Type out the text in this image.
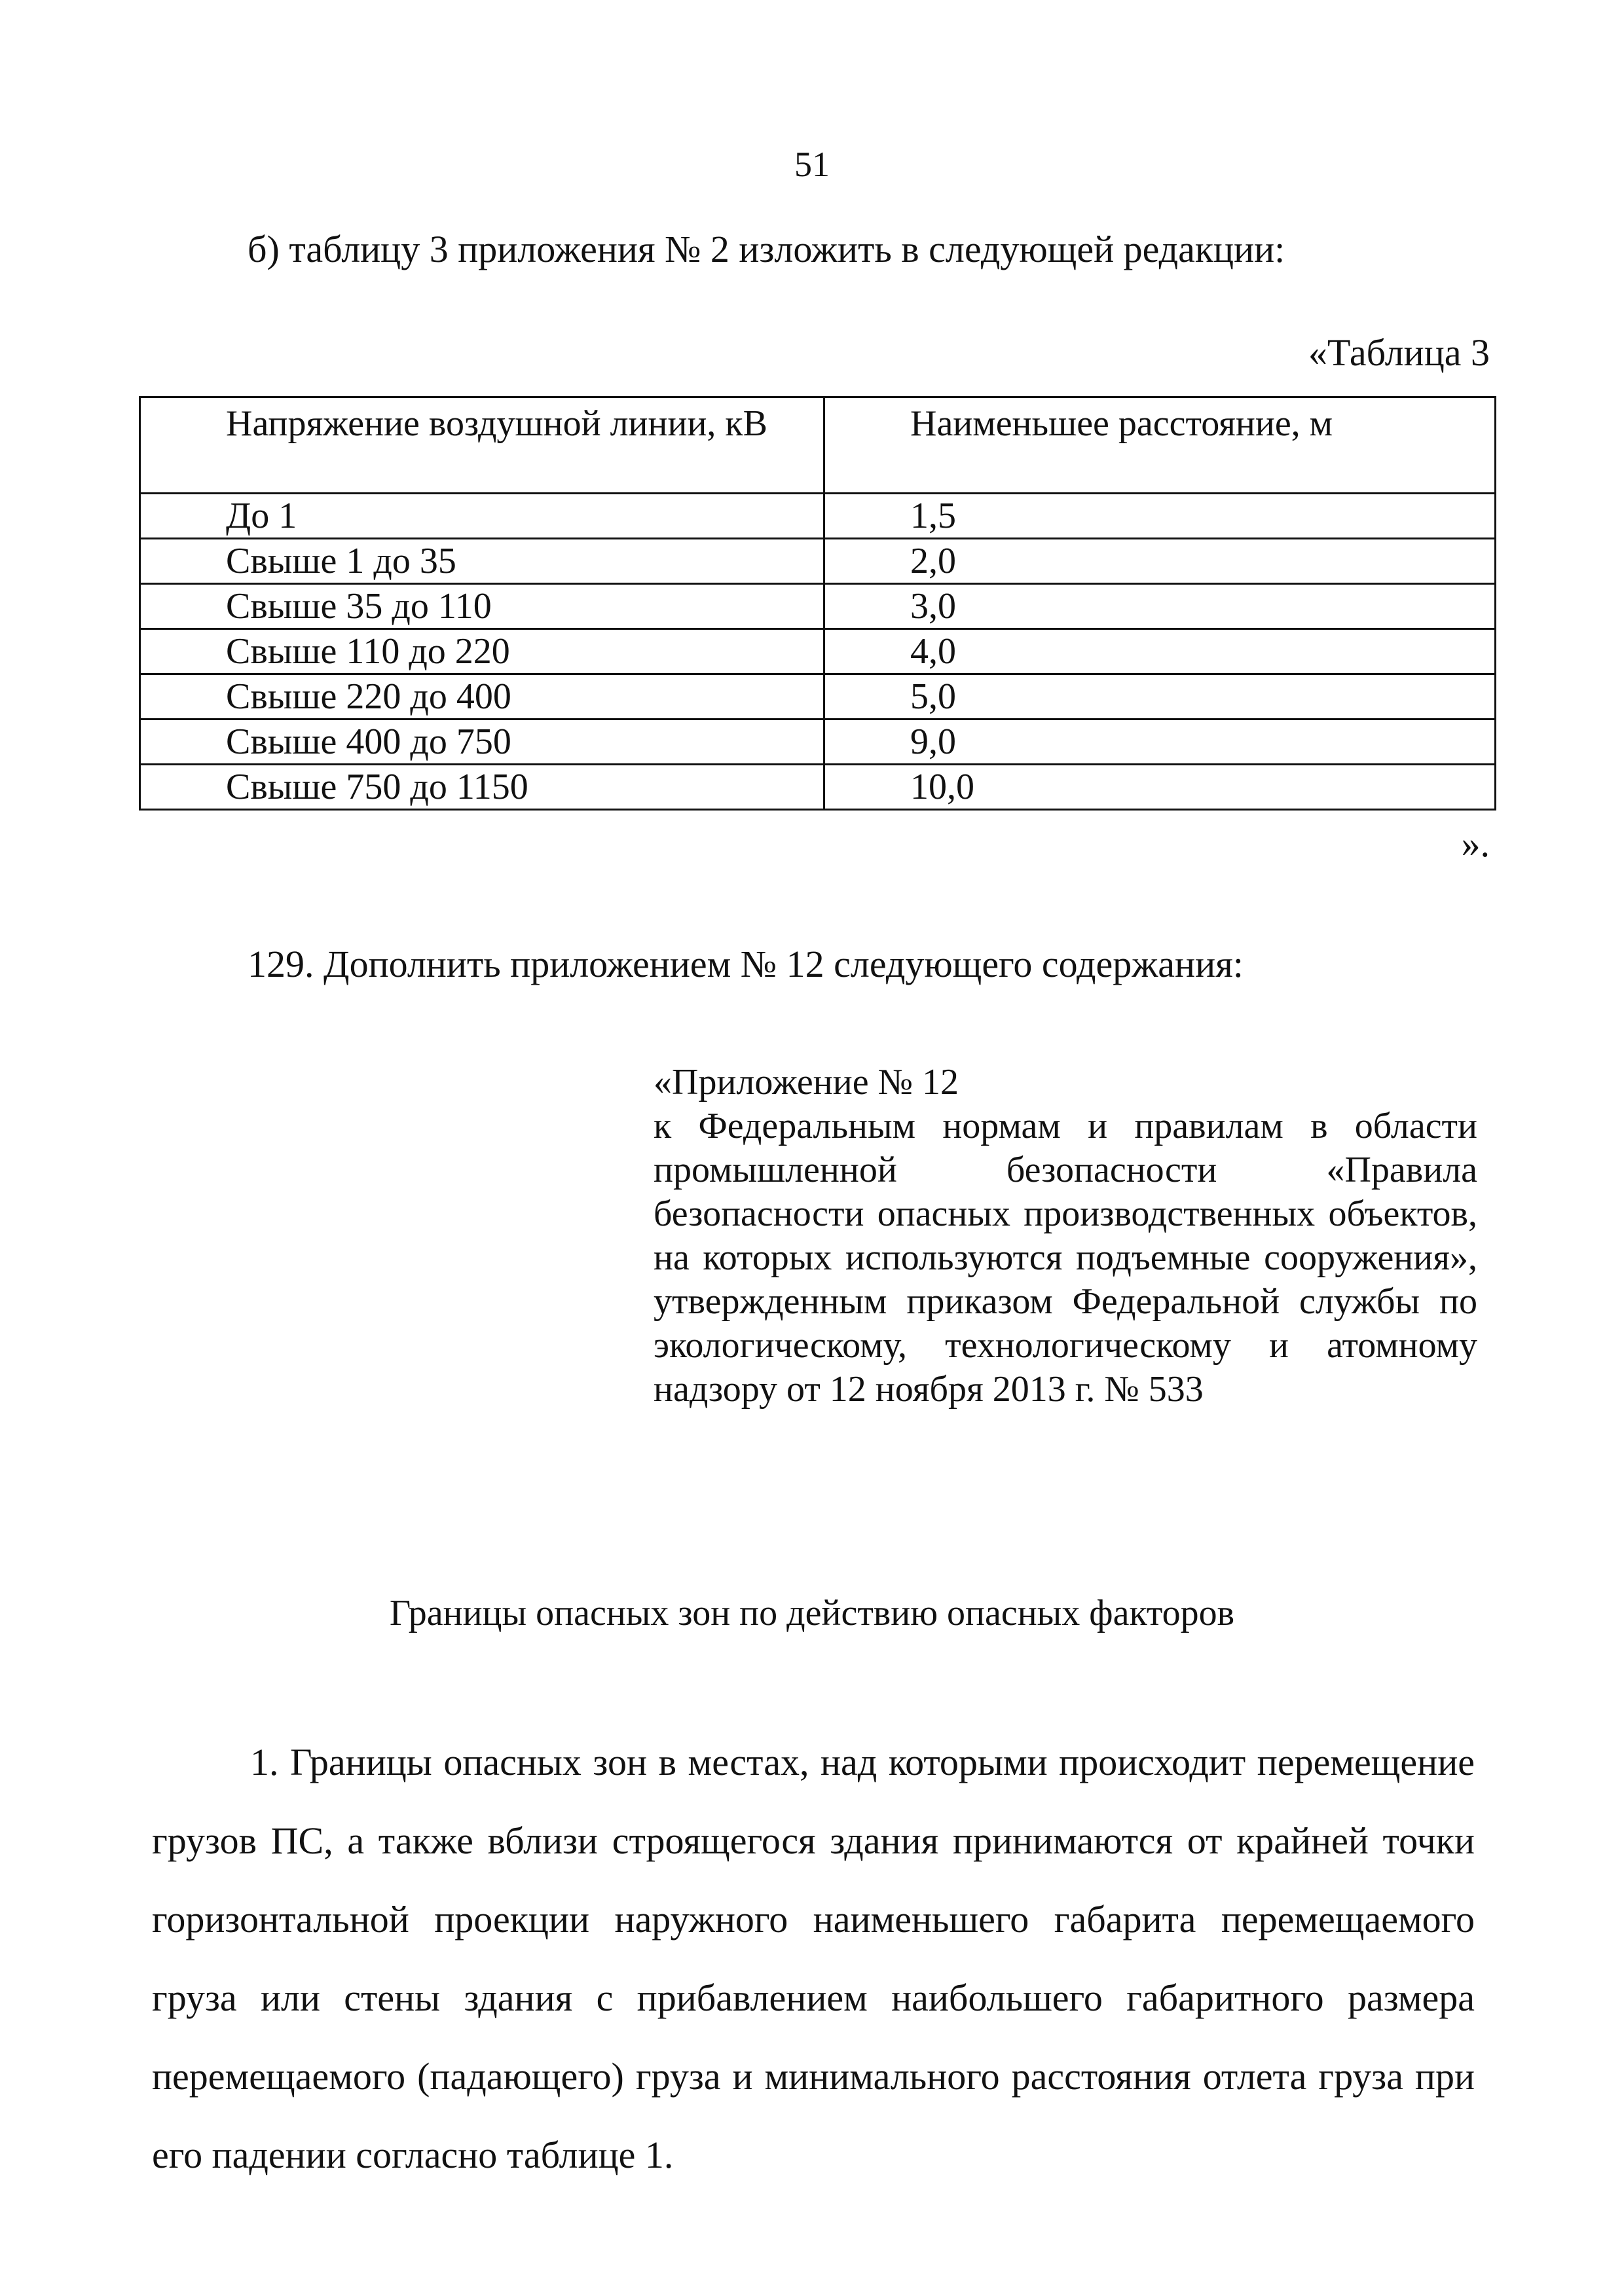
51
б) таблицу 3 приложения № 2 изложить в следующей редакции:
«Таблица 3
Напряжение воздушной линии, кВ	Наименьшее расстояние, м
До 1	1,5
Свыше 1 до 35	2,0
Свыше 35 до 110	3,0
Свыше 110 до 220	4,0
Свыше 220 до 400	5,0
Свыше 400 до 750	9,0
Свыше 750 до 1150	10,0
».
129. Дополнить приложением № 12 следующего содержания:
«Приложение № 12
к Федеральным нормам и правилам в области промышленной безопасности «Правила безопасности опасных производственных объектов, на которых используются подъемные сооружения», утвержденным приказом Федеральной службы по экологическому, технологическому и атомному надзору от 12 ноября 2013 г. № 533
Границы опасных зон по действию опасных факторов
1. Границы опасных зон в местах, над которыми происходит перемещение грузов ПС, а также вблизи строящегося здания принимаются от крайней точки горизонтальной проекции наружного наименьшего габарита перемещаемого груза или стены здания с прибавлением наибольшего габаритного размера перемещаемого (падающего) груза и минимального расстояния отлета груза при его падении согласно таблице 1.
